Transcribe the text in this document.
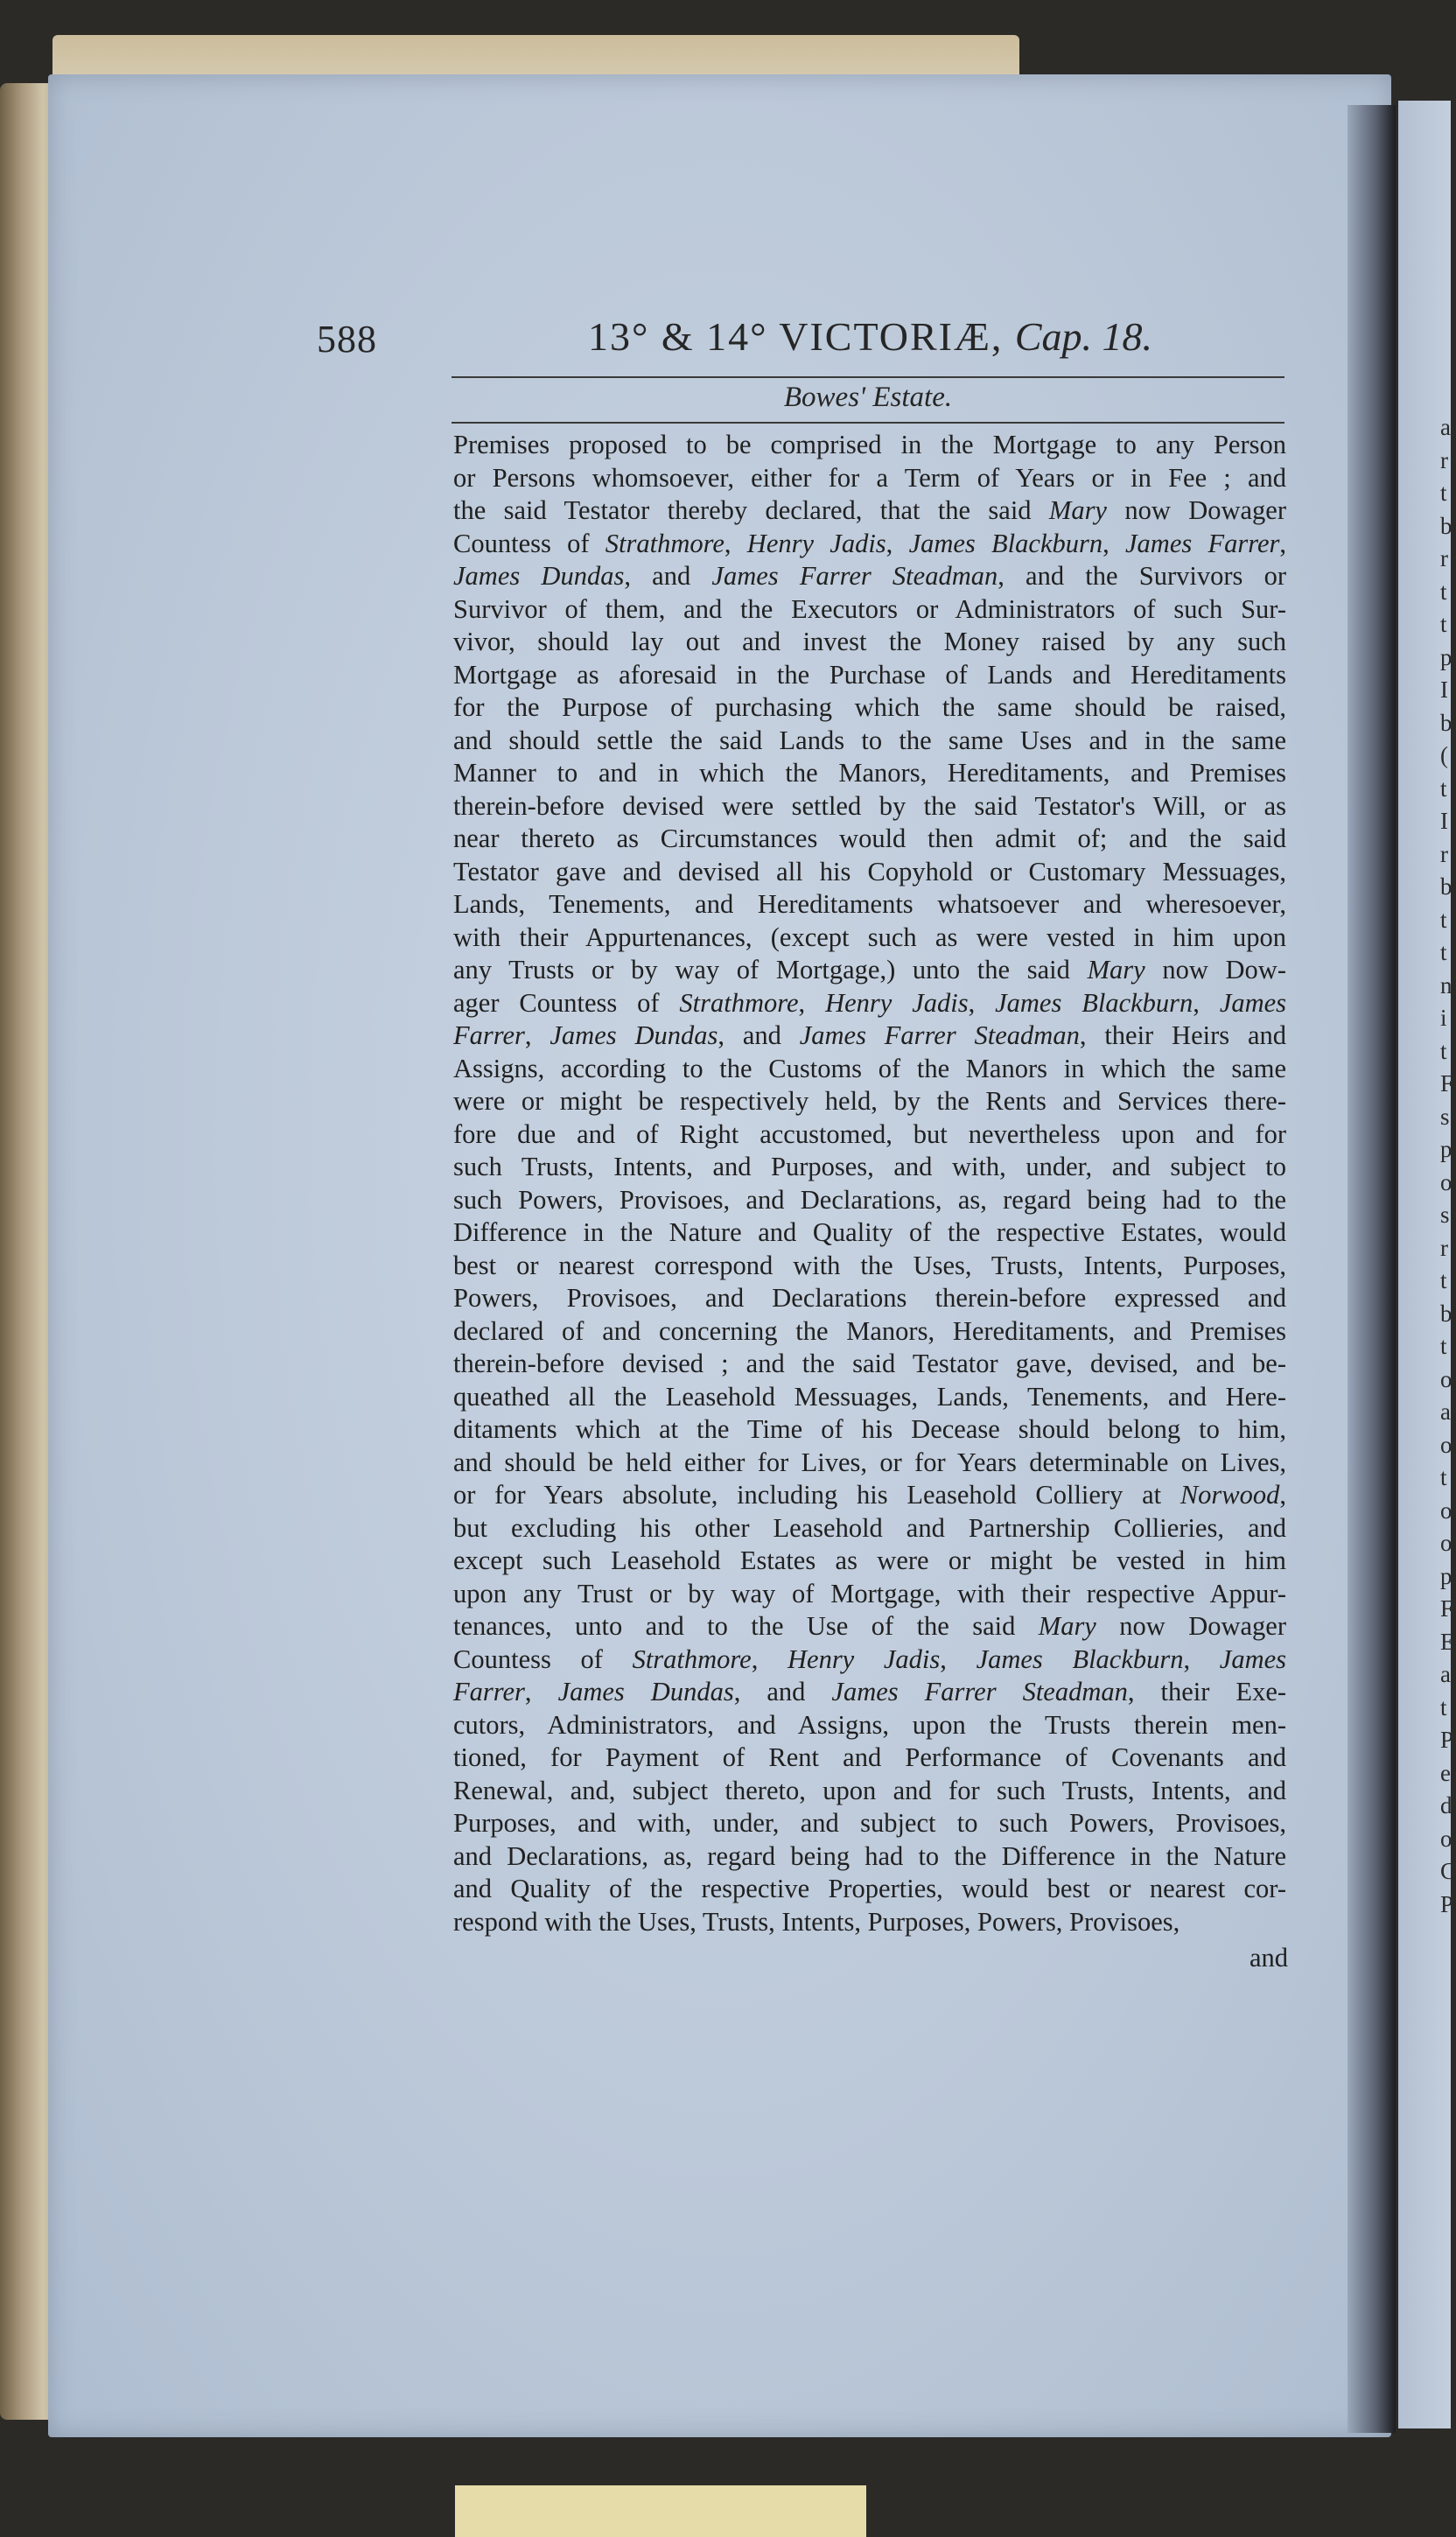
a
r
t
b
r
t
t
p
I
b
(
t
I
r
b
t
t
n
i
t
F
s
p
o
s
r
t
b
t
o
a
o
t
o
o
p
F
E
a
t
P
e
d
o
C
P
588	13° & 14° VICTORIÆ, Cap. 18.
Bowes' Estate.
Premises proposed to be comprised in the Mortgage to any Person
or Persons whomsoever, either for a Term of Years or in Fee ; and
the said Testator thereby declared, that the said Mary now Dowager
Countess of Strathmore, Henry Jadis, James Blackburn, James Farrer,
James Dundas, and James Farrer Steadman, and the Survivors or
Survivor of them, and the Executors or Administrators of such Sur-
vivor, should lay out and invest the Money raised by any such
Mortgage as aforesaid in the Purchase of Lands and Hereditaments
for the Purpose of purchasing which the same should be raised,
and should settle the said Lands to the same Uses and in the same
Manner to and in which the Manors, Hereditaments, and Premises
therein-before devised were settled by the said Testator's Will, or as
near thereto as Circumstances would then admit of; and the said
Testator gave and devised all his Copyhold or Customary Messuages,
Lands, Tenements, and Hereditaments whatsoever and wheresoever,
with their Appurtenances, (except such as were vested in him upon
any Trusts or by way of Mortgage,) unto the said Mary now Dow-
ager Countess of Strathmore, Henry Jadis, James Blackburn, James
Farrer, James Dundas, and James Farrer Steadman, their Heirs and
Assigns, according to the Customs of the Manors in which the same
were or might be respectively held, by the Rents and Services there-
fore due and of Right accustomed, but nevertheless upon and for
such Trusts, Intents, and Purposes, and with, under, and subject to
such Powers, Provisoes, and Declarations, as, regard being had to the
Difference in the Nature and Quality of the respective Estates, would
best or nearest correspond with the Uses, Trusts, Intents, Purposes,
Powers, Provisoes, and Declarations therein-before expressed and
declared of and concerning the Manors, Hereditaments, and Premises
therein-before devised ; and the said Testator gave, devised, and be-
queathed all the Leasehold Messuages, Lands, Tenements, and Here-
ditaments which at the Time of his Decease should belong to him,
and should be held either for Lives, or for Years determinable on Lives,
or for Years absolute, including his Leasehold Colliery at Norwood,
but excluding his other Leasehold and Partnership Collieries, and
except such Leasehold Estates as were or might be vested in him
upon any Trust or by way of Mortgage, with their respective Appur-
tenances, unto and to the Use of the said Mary now Dowager
Countess of Strathmore, Henry Jadis, James Blackburn, James
Farrer, James Dundas, and James Farrer Steadman, their Exe-
cutors, Administrators, and Assigns, upon the Trusts therein men-
tioned, for Payment of Rent and Performance of Covenants and
Renewal, and, subject thereto, upon and for such Trusts, Intents, and
Purposes, and with, under, and subject to such Powers, Provisoes,
and Declarations, as, regard being had to the Difference in the Nature
and Quality of the respective Properties, would best or nearest cor-
respond with the Uses, Trusts, Intents, Purposes, Powers, Provisoes,
and
